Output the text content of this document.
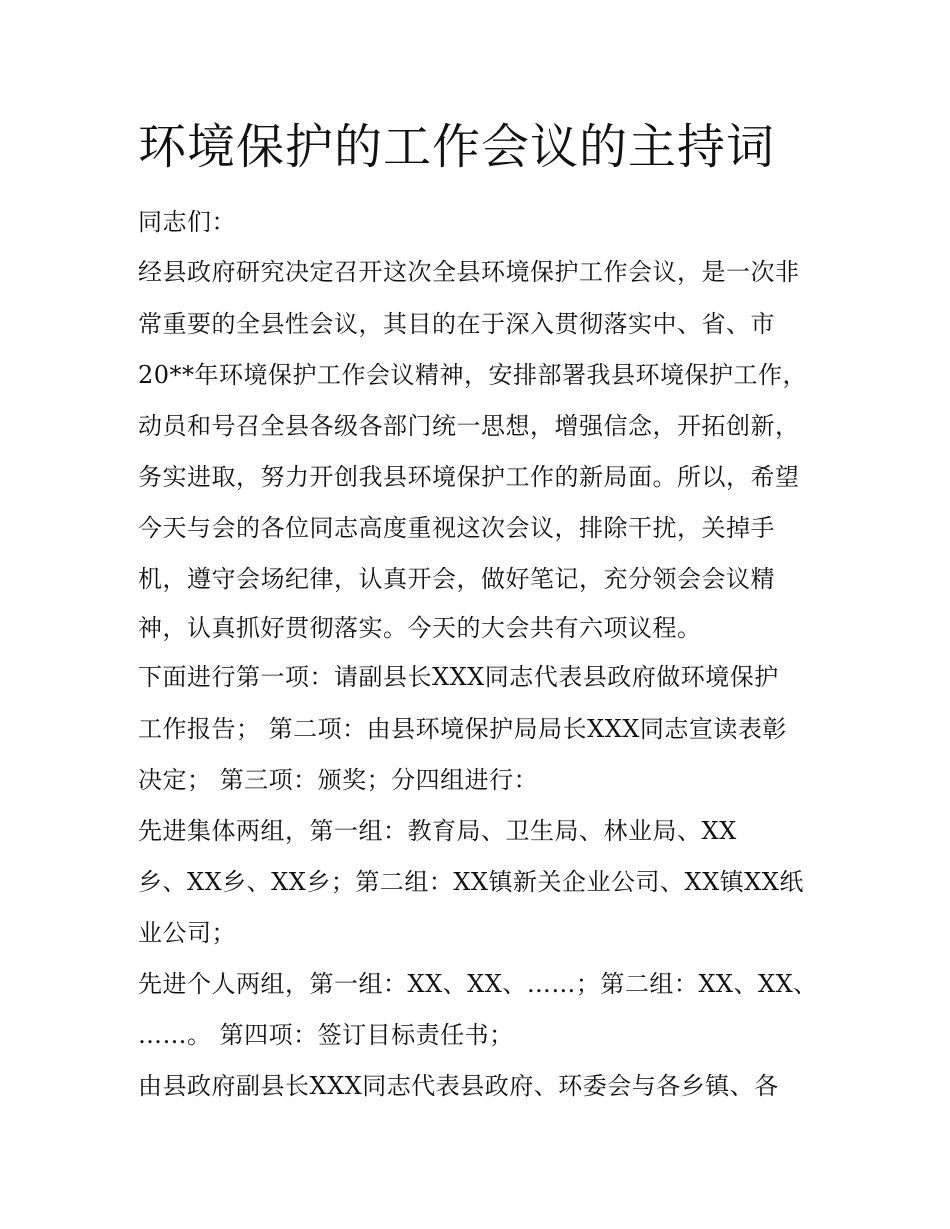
环境保护的工作会议的主持词
同志们：
经县政府研究决定召开这次全县环境保护工作会议，是一次非
常重要的全县性会议，其目的在于深入贯彻落实中、省、市
20**年环境保护工作会议精神，安排部署我县环境保护工作，
动员和号召全县各级各部门统一思想，增强信念，开拓创新，
务实进取，努力开创我县环境保护工作的新局面。所以，希望
今天与会的各位同志高度重视这次会议，排除干扰，关掉手
机，遵守会场纪律，认真开会，做好笔记，充分领会会议精
神，认真抓好贯彻落实。今天的大会共有六项议程。
下面进行第一项：请副县长XXX同志代表县政府做环境保护
工作报告； 第二项：由县环境保护局局长XXX同志宣读表彰
决定； 第三项：颁奖；分四组进行：
先进集体两组，第一组：教育局、卫生局、林业局、XX
乡、XX乡、XX乡；第二组：XX镇新关企业公司、XX镇XX纸
业公司；
先进个人两组，第一组：XX、XX、……；第二组：XX、XX、
……。 第四项：签订目标责任书；
由县政府副县长XXX同志代表县政府、环委会与各乡镇、各
